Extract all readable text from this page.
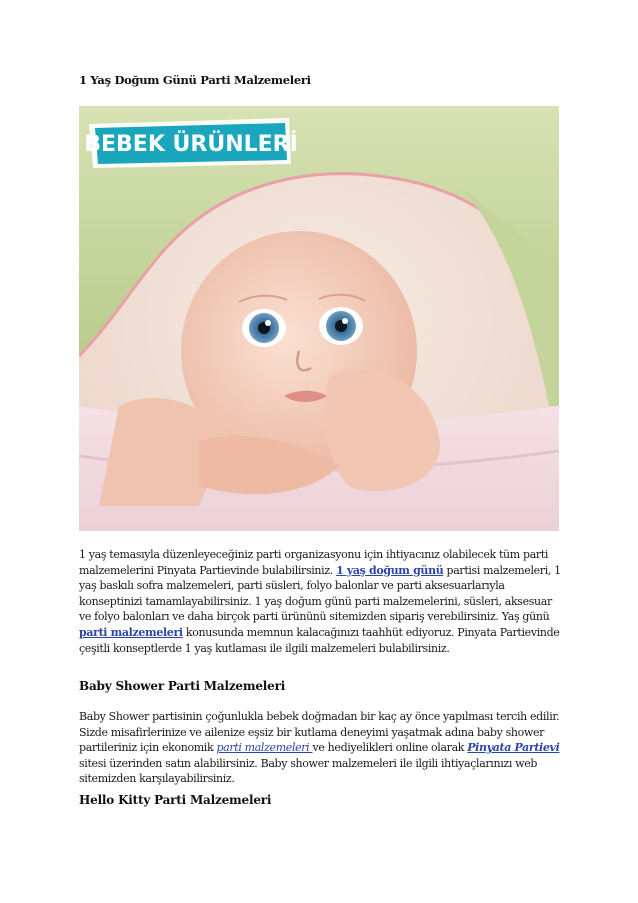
1 Yaş Doğum Günü Parti Malzemeleri
BEBEK ÜRÜNLERİ

1 yaş temasıyla düzenleyeceğiniz parti organizasyonu için ihtiyacınız olabilecek tüm parti malzemelerini Pinyata Partievinde bulabilirsiniz. 1 yaş doğum günü partisi malzemeleri, 1 yaş baskılı sofra malzemeleri, parti süsleri, folyo balonlar ve parti aksesuarlarıyla konseptinizi tamamlayabilirsiniz. 1 yaş doğum günü parti malzemelerini, süsleri, aksesuar ve folyo balonları ve daha birçok parti ürününü sitemizden sipariş verebilirsiniz. Yaş günü parti malzemeleri konusunda memnun kalacağınızı taahhüt ediyoruz. Pinyata Partievinde çeşitli konseptlerde 1 yaş kutlaması ile ilgili malzemeleri bulabilirsiniz.

Baby Shower Parti Malzemeleri

Baby Shower partisinin çoğunlukla bebek doğmadan bir kaç ay önce yapılması tercih edilir. Sizde misafirlerinize ve ailenize eşsiz bir kutlama deneyimi yaşatmak adına baby shower partileriniz için ekonomik parti malzemeleri ve hediyelikleri online olarak Pinyata Partievi sitesi üzerinden satın alabilirsiniz. Baby shower malzemeleri ile ilgili ihtiyaçlarınızı web sitemizden karşılayabilirsiniz.

Hello Kitty Parti Malzemeleri
